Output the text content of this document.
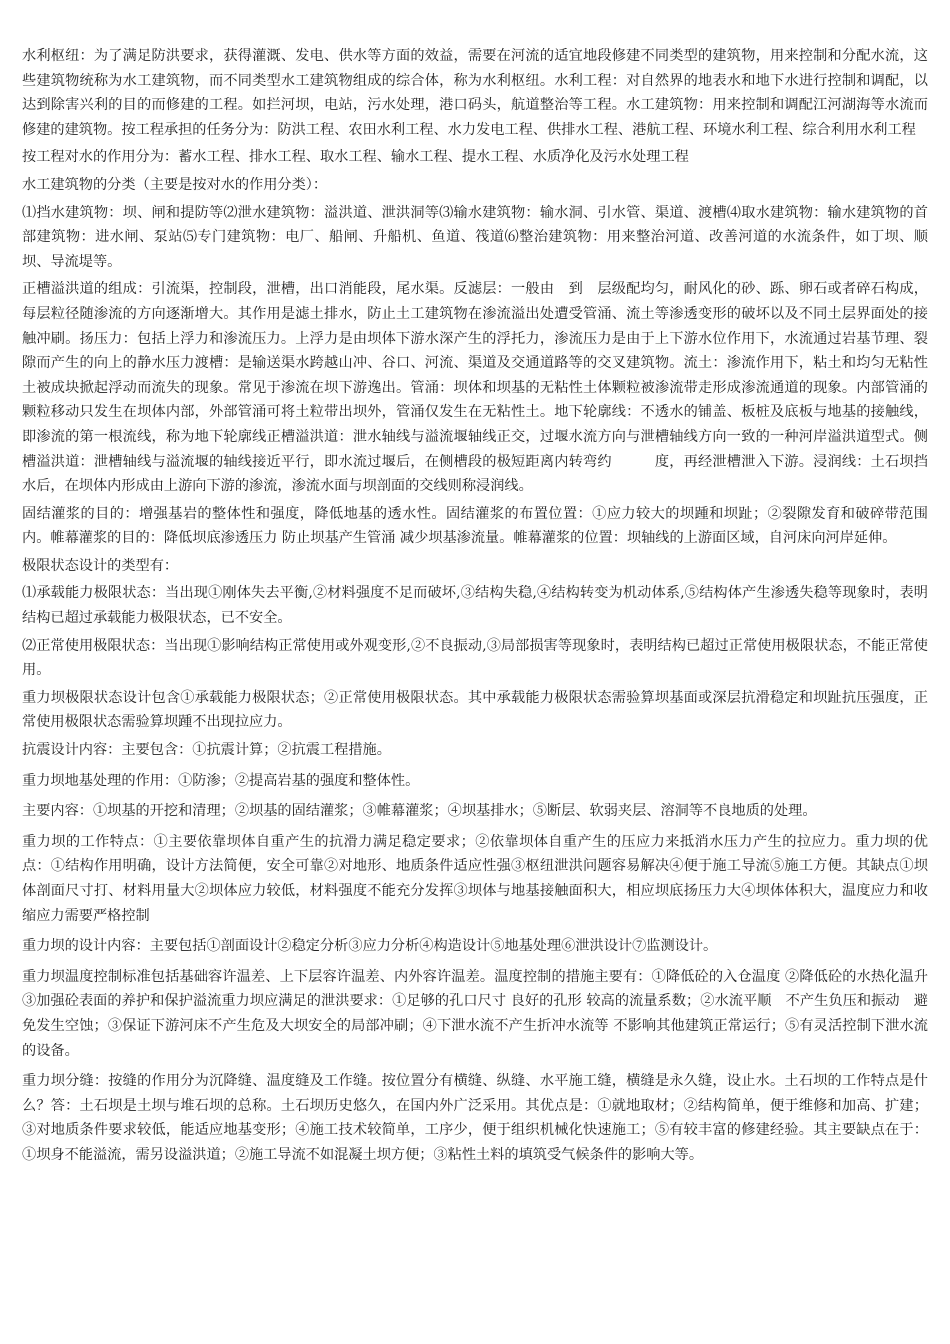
水利枢纽：为了满足防洪要求，获得灌溉、发电、供水等方面的效益，需要在河流的适宜地段修建不同类型的建筑物，用来控制和分配水流，这些建筑物统称为水工建筑物，而不同类型水工建筑物组成的综合体，称为水利枢纽。水利工程：对自然界的地表水和地下水进行控制和调配，以达到除害兴利的目的而修建的工程。如拦河坝，电站，污水处理，港口码头，航道整治等工程。水工建筑物：用来控制和调配江河湖海等水流而修建的建筑物。按工程承担的任务分为：防洪工程、农田水利工程、水力发电工程、供排水工程、港航工程、环境水利工程、综合利用水利工程

按工程对水的作用分为：蓄水工程、排水工程、取水工程、输水工程、提水工程、水质净化及污水处理工程

水工建筑物的分类（主要是按对水的作用分类）：

⑴挡水建筑物：坝、闸和提防等⑵泄水建筑物：溢洪道、泄洪洞等⑶输水建筑物：输水洞、引水管、渠道、渡槽⑷取水建筑物：输水建筑物的首部建筑物：进水闸、泵站⑸专门建筑物：电厂、船闸、升船机、鱼道、筏道⑹整治建筑物：用来整治河道、改善河道的水流条件，如丁坝、顺坝、导流堤等。

正槽溢洪道的组成：引流渠，控制段，泄槽，出口消能段，尾水渠。反滤层：一般由　到　层级配均匀，耐风化的砂、跞、卵石或者碎石构成，每层粒径随渗流的方向逐渐增大。其作用是滤土排水，防止土工建筑物在渗流溢出处遭受管涌、流土等渗透变形的破坏以及不同土层界面处的接触冲刷。扬压力：包括上浮力和渗流压力。上浮力是由坝体下游水深产生的浮托力，渗流压力是由于上下游水位作用下，水流通过岩基节理、裂隙而产生的向上的静水压力渡槽：是输送渠水跨越山冲、谷口、河流、渠道及交通道路等的交叉建筑物。流土：渗流作用下，粘土和均匀无粘性土被成块掀起浮动而流失的现象。常见于渗流在坝下游逸出。管涌：坝体和坝基的无粘性土体颗粒被渗流带走形成渗流通道的现象。内部管涌的颗粒移动只发生在坝体内部，外部管涌可将土粒带出坝外，管涌仅发生在无粘性土。地下轮廓线：不透水的铺盖、板桩及底板与地基的接触线，即渗流的第一根流线，称为地下轮廓线正槽溢洪道：泄水轴线与溢流堰轴线正交，过堰水流方向与泄槽轴线方向一致的一种河岸溢洪道型式。侧槽溢洪道：泄槽轴线与溢流堰的轴线接近平行，即水流过堰后，在侧槽段的极短距离内转弯约　　　度，再经泄槽泄入下游。浸润线：土石坝挡水后，在坝体内形成由上游向下游的渗流，渗流水面与坝剖面的交线则称浸润线。

固结灌浆的目的：增强基岩的整体性和强度，降低地基的透水性。固结灌浆的布置位置：①应力较大的坝踵和坝趾；②裂隙发育和破碎带范围内。帷幕灌浆的目的：降低坝底渗透压力 防止坝基产生管涌 减少坝基渗流量。帷幕灌浆的位置：坝轴线的上游面区域，自河床向河岸延伸。

极限状态设计的类型有：

⑴承载能力极限状态：当出现①刚体失去平衡,②材料强度不足而破坏,③结构失稳,④结构转变为机动体系,⑤结构体产生渗透失稳等现象时，表明结构已超过承载能力极限状态，已不安全。

⑵正常使用极限状态：当出现①影响结构正常使用或外观变形,②不良振动,③局部损害等现象时，表明结构已超过正常使用极限状态，不能正常使用。

重力坝极限状态设计包含①承载能力极限状态；②正常使用极限状态。其中承载能力极限状态需验算坝基面或深层抗滑稳定和坝趾抗压强度，正常使用极限状态需验算坝踵不出现拉应力。

抗震设计内容：主要包含：①抗震计算；②抗震工程措施。

重力坝地基处理的作用：①防渗；②提高岩基的强度和整体性。

主要内容：①坝基的开挖和清理；②坝基的固结灌浆；③帷幕灌浆；④坝基排水；⑤断层、软弱夹层、溶洞等不良地质的处理。

重力坝的工作特点：①主要依靠坝体自重产生的抗滑力满足稳定要求；②依靠坝体自重产生的压应力来抵消水压力产生的拉应力。重力坝的优点：①结构作用明确，设计方法简便，安全可靠②对地形、地质条件适应性强③枢纽泄洪问题容易解决④便于施工导流⑤施工方便。其缺点①坝体剖面尺寸打、材料用量大②坝体应力较低，材料强度不能充分发挥③坝体与地基接触面积大，相应坝底扬压力大④坝体体积大，温度应力和收缩应力需要严格控制

重力坝的设计内容：主要包括①剖面设计②稳定分析③应力分析④构造设计⑤地基处理⑥泄洪设计⑦监测设计。

重力坝温度控制标准包括基础容许温差、上下层容许温差、内外容许温差。温度控制的措施主要有：①降低砼的入仓温度 ②降低砼的水热化温升　 ③加强砼表面的养护和保护溢流重力坝应满足的泄洪要求：①足够的孔口尺寸 良好的孔形 较高的流量系数；②水流平顺　不产生负压和振动　避免发生空蚀；③保证下游河床不产生危及大坝安全的局部冲刷；④下泄水流不产生折冲水流等 不影响其他建筑正常运行；⑤有灵活控制下泄水流的设备。

重力坝分缝：按缝的作用分为沉降缝、温度缝及工作缝。按位置分有横缝、纵缝、水平施工缝，横缝是永久缝，设止水。土石坝的工作特点是什么？答：土石坝是土坝与堆石坝的总称。土石坝历史悠久，在国内外广泛采用。其优点是：①就地取材；②结构简单，便于维修和加高、扩建；③对地质条件要求较低，能适应地基变形；④施工技术较简单，工序少，便于组织机械化快速施工；⑤有较丰富的修建经验。其主要缺点在于：①坝身不能溢流，需另设溢洪道；②施工导流不如混凝土坝方便；③粘性土料的填筑受气候条件的影响大等。
